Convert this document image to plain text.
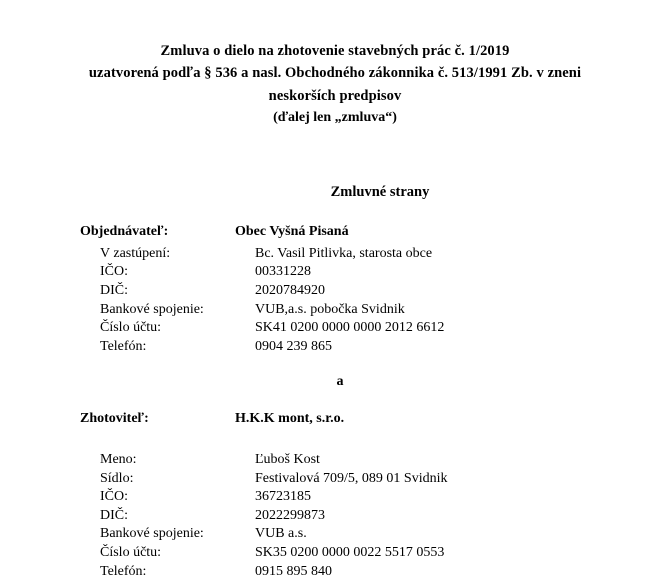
Zmluva o dielo na zhotovenie stavebných prác č. 1/2019
uzatvorená podľa § 536 a nasl. Obchodného zákonnika č. 513/1991 Zb. v zneni
neskorších predpisov
(ďalej len „zmluva“)
Zmluvné strany
Objednávateľ:	Obec Vyšná Pisaná
V zastúpení:	Bc. Vasil Pitlivka, starosta obce
IČO:	00331228
DIČ:	2020784920
Bankové spojenie:	VUB,a.s. pobočka Svidnik
Číslo účtu:	SK41 0200 0000 0000 2012 6612
Telefón:	0904 239 865
a
Zhotoviteľ:	H.K.K mont, s.r.o.
Meno:	Ľuboš Kost
Sídlo:	Festivalová 709/5, 089 01 Svidnik
IČO:	36723185
DIČ:	2022299873
Bankové spojenie:	VUB a.s.
Číslo účtu:	SK35 0200 0000 0022 5517 0553
Telefón:	0915 895 840
